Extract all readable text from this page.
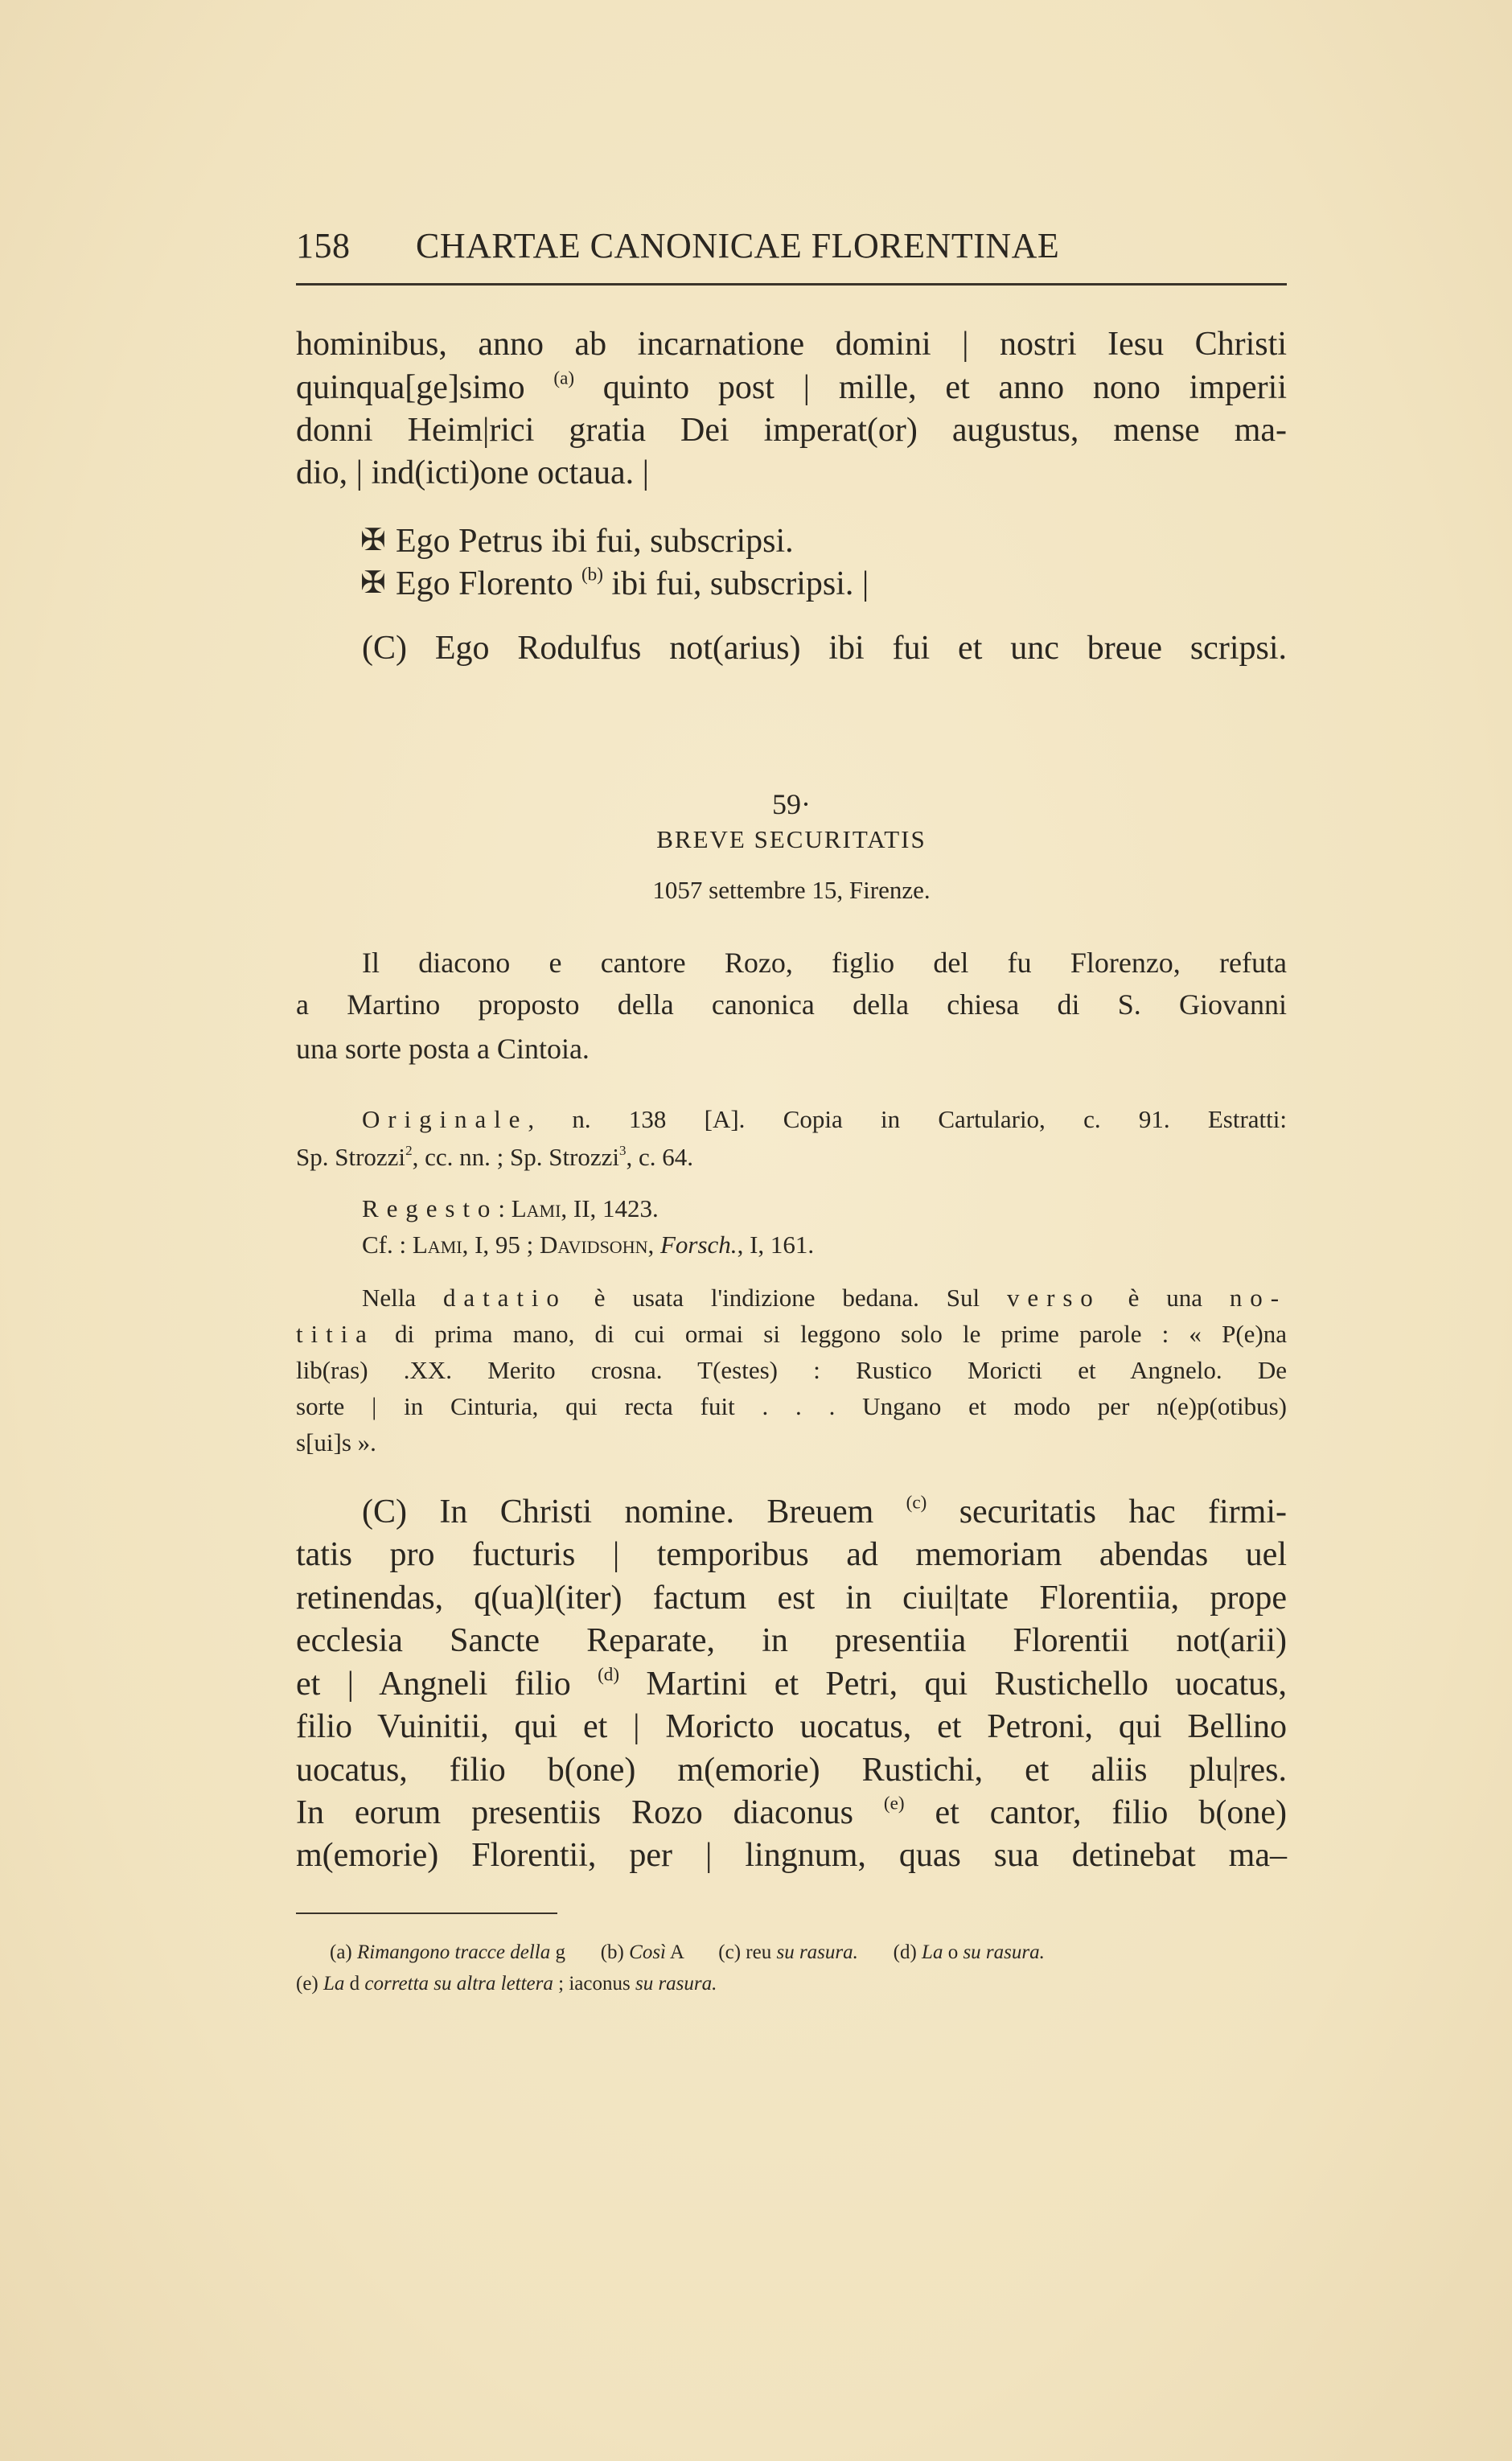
158 CHARTAE CANONICAE FLORENTINAE
hominibus, anno ab incarnatione domini | nostri Iesu Christi
quinqua[ge]simo $^{(a)}$ quinto post | mille, et anno nono imperii
donni Heim|rici gratia Dei imperat(or) augustus, mense ma-
dio, | ind(icti)one octaua. |
✠Ego Petrus ibi fui, subscripsi.
✠Ego Florento $^{(b)}$ ibi fui, subscripsi. |
(C) Ego Rodulfus not(arius) ibi fui et unc breue scripsi.
Il diacono e cantore Rozo, figlio del fu Florenzo, refuta
a Martino proposto della canonica della chiesa di S. Giovanni
una sorte posta a Cintoia.
Originale, n. 138 [A]. Copia in Cartulario, c. 91. Estratti:
Sp. Strozzi$^2$, cc. nn. ; Sp. Strozzi$^3$, c. 64.
Regesto: Lami, II, 1423.
Cf. : Lami, I, 95 ; Davidsohn, Forsch., I, 161.
Nella datatio è usata l'indizione bedana. Sul verso è una no-
titia di prima mano, di cui ormai si leggono solo le prime parole : « P(e)na
lib(ras) .XX. Merito crosna. T(estes) : Rustico Moricti et Angnelo. De
sorte | in Cinturia, qui recta fuit . . . Ungano et modo per n(e)p(otibus)
s[ui]s ».
(C) In Christi nomine. Breuem $^{(c)}$ securitatis hac firmi-
tatis pro fucturis | temporibus ad memoriam abendas uel
retinendas, q(ua)l(iter) factum est in ciui|tate Florentiia, prope
ecclesia Sancte Reparate, in presentiia Florentii not(arii)
et | Angneli filio $^{(d)}$ Martini et Petri, qui Rustichello uocatus,
filio Vuinitii, qui et | Moricto uocatus, et Petroni, qui Bellino
uocatus, filio b(one) m(emorie) Rustichi, et aliis plu|res.
In eorum presentiis Rozo diaconus $^{(e)}$ et cantor, filio b(one)
m(emorie) Florentii, per | lingnum, quas sua detinebat ma–
(a) Rimangono tracce della g       (b) Così A       (c) reu su rasura.       (d) La o su rasura.
(e) La d corretta su altra lettera ; iaconus su rasura.
59·
BREVE SECURITATIS
1057 settembre 15, Firenze.
